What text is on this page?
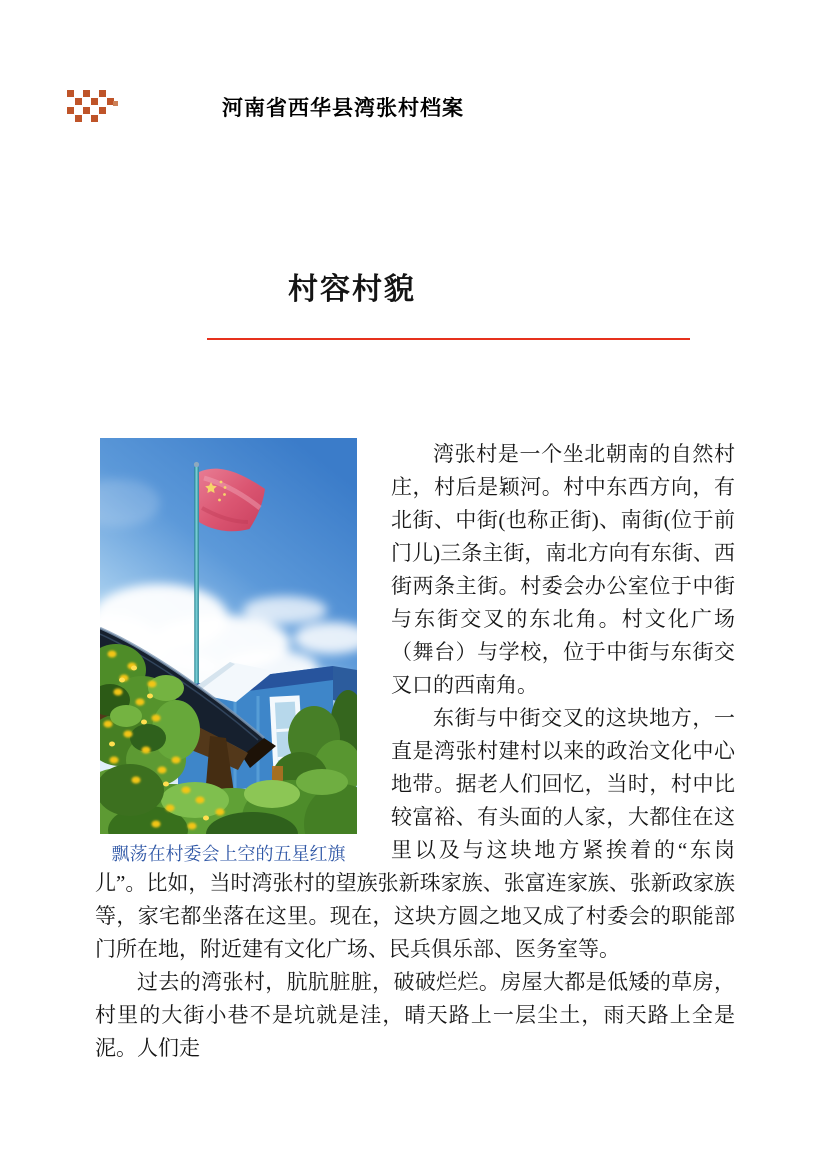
河南省西华县湾张村档案
村容村貌
飘荡在村委会上空的五星红旗

湾张村是一个坐北朝南的自然村庄，村后是颖河。村中东西方向，有北街、中街(也称正街)、南街(位于前门儿)三条主街，南北方向有东街、西街两条主街。村委会办公室位于中街与东街交叉的东北角。村文化广场（舞台）与学校，位于中街与东街交叉口的西南角。

东街与中街交叉的这块地方，一直是湾张村建村以来的政治文化中心地带。据老人们回忆，当时，村中比较富裕、有头面的人家，大都住在这里以及与这块地方紧挨着的“东岗儿”。比如，当时湾张村的望族张新珠家族、张富连家族、张新政家族等，家宅都坐落在这里。现在，这块方圆之地又成了村委会的职能部门所在地，附近建有文化广场、民兵俱乐部、医务室等。

过去的湾张村，肮肮脏脏，破破烂烂。房屋大都是低矮的草房，村里的大街小巷不是坑就是洼，晴天路上一层尘土，雨天路上全是泥。人们走
